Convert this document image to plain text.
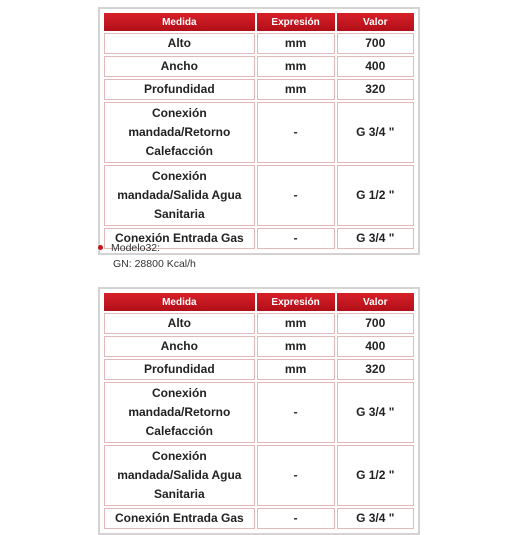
Medida	Expresión	Valor
Alto	mm	700
Ancho	mm	400
Profundidad	mm	320

Conexión
mandada/Retorno
Calefacción	-	G 3/4 "

Conexión
mandada/Salida Agua
Sanitaria	-	G 1/2 "
Conexión Entrada Gas	-	G 3/4 "
Modelo32:
GN: 28800 Kcal/h
Medida	Expresión	Valor
Alto	mm	700
Ancho	mm	400
Profundidad	mm	320

Conexión
mandada/Retorno
Calefacción	-	G 3/4 "

Conexión
mandada/Salida Agua
Sanitaria	-	G 1/2 "
Conexión Entrada Gas	-	G 3/4 "
